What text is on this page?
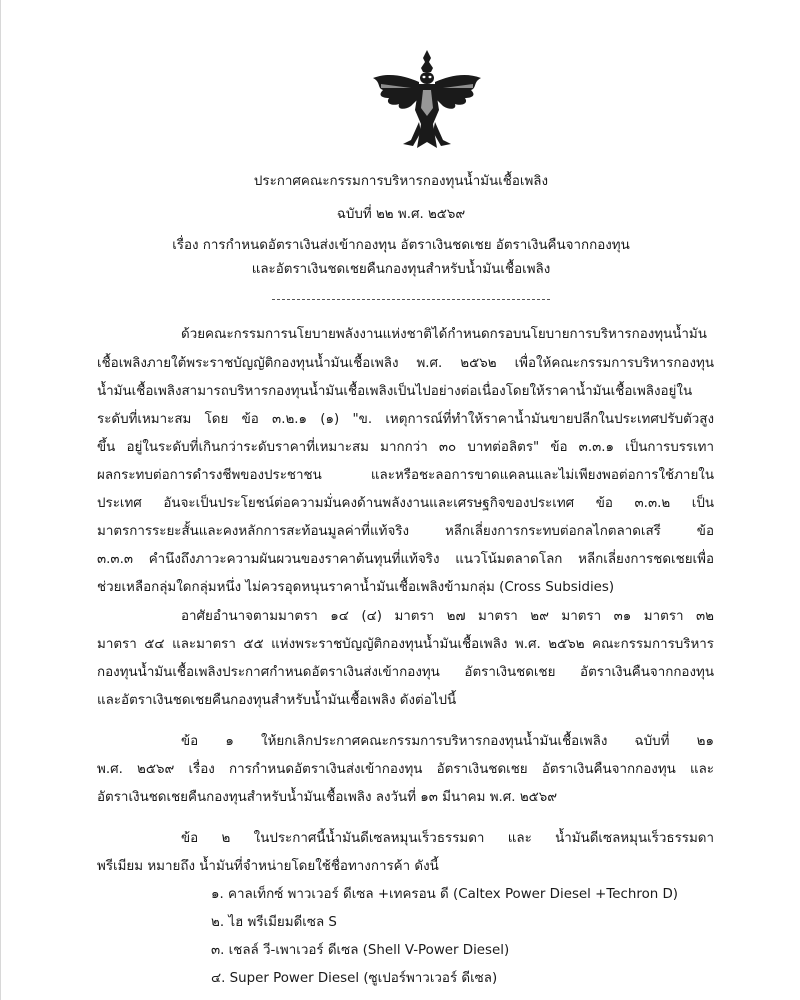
ประกาศคณะกรรมการบริหารกองทุนน้ำมันเชื้อเพลิง
ฉบับที่ ๒๒ พ.ศ. ๒๕๖๙
เรื่อง การกำหนดอัตราเงินส่งเข้ากองทุน อัตราเงินชดเชย อัตราเงินคืนจากกองทุน
และอัตราเงินชดเชยคืนกองทุนสำหรับน้ำมันเชื้อเพลิง
ด้วยคณะกรรมการนโยบายพลังงานแห่งชาติได้กำหนดกรอบนโยบายการบริหารกองทุนน้ำมัน
เชื้อเพลิงภายใต้พระราชบัญญัติกองทุนน้ำมันเชื้อเพลิง พ.ศ. ๒๕๖๒ เพื่อให้คณะกรรมการบริหารกองทุน
น้ำมันเชื้อเพลิงสามารถบริหารกองทุนน้ำมันเชื้อเพลิงเป็นไปอย่างต่อเนื่องโดยให้ราคาน้ำมันเชื้อเพลิงอยู่ใน
ระดับที่เหมาะสม โดย ข้อ ๓.๒.๑ (๑) "ข. เหตุการณ์ที่ทำให้ราคาน้ำมันขายปลีกในประเทศปรับตัวสูง
ขึ้น อยู่ในระดับที่เกินกว่าระดับราคาที่เหมาะสม มากกว่า ๓๐ บาทต่อลิตร" ข้อ ๓.๓.๑ เป็นการบรรเทา
ผลกระทบต่อการดำรงชีพของประชาชน และหรือชะลอการขาดแคลนและไม่เพียงพอต่อการใช้ภายใน
ประเทศ อันจะเป็นประโยชน์ต่อความมั่นคงด้านพลังงานและเศรษฐกิจของประเทศ ข้อ ๓.๓.๒ เป็น
มาตรการระยะสั้นและคงหลักการสะท้อนมูลค่าที่แท้จริง หลีกเลี่ยงการกระทบต่อกลไกตลาดเสรี ข้อ
๓.๓.๓ คำนึงถึงภาวะความผันผวนของราคาต้นทุนที่แท้จริง แนวโน้มตลาดโลก หลีกเลี่ยงการชดเชยเพื่อ
ช่วยเหลือกลุ่มใดกลุ่มหนึ่ง ไม่ควรอุดหนุนราคาน้ำมันเชื้อเพลิงข้ามกลุ่ม (Cross Subsidies)
อาศัยอำนาจตามมาตรา ๑๔ (๔) มาตรา ๒๗ มาตรา ๒๙ มาตรา ๓๑ มาตรา ๓๒
มาตรา ๕๔ และมาตรา ๕๕ แห่งพระราชบัญญัติกองทุนน้ำมันเชื้อเพลิง พ.ศ. ๒๕๖๒ คณะกรรมการบริหาร
กองทุนน้ำมันเชื้อเพลิงประกาศกำหนดอัตราเงินส่งเข้ากองทุน อัตราเงินชดเชย อัตราเงินคืนจากกองทุน
และอัตราเงินชดเชยคืนกองทุนสำหรับน้ำมันเชื้อเพลิง ดังต่อไปนี้
ข้อ ๑ ให้ยกเลิกประกาศคณะกรรมการบริหารกองทุนน้ำมันเชื้อเพลิง ฉบับที่ ๒๑
พ.ศ. ๒๕๖๙ เรื่อง การกำหนดอัตราเงินส่งเข้ากองทุน อัตราเงินชดเชย อัตราเงินคืนจากกองทุน และ
อัตราเงินชดเชยคืนกองทุนสำหรับน้ำมันเชื้อเพลิง ลงวันที่ ๑๓ มีนาคม พ.ศ. ๒๕๖๙
ข้อ ๒ ในประกาศนี้น้ำมันดีเซลหมุนเร็วธรรมดา และ น้ำมันดีเซลหมุนเร็วธรรมดา
พรีเมียม หมายถึง น้ำมันที่จำหน่ายโดยใช้ชื่อทางการค้า ดังนี้
๑. คาลเท็กซ์ พาวเวอร์ ดีเซล +เทครอน ดี (Caltex Power Diesel +Techron D)
๒. ไฮ พรีเมียมดีเซล S
๓. เชลล์ วี-เพาเวอร์ ดีเซล (Shell V-Power Diesel)
๔. Super Power Diesel (ซูเปอร์พาวเวอร์ ดีเซล)
